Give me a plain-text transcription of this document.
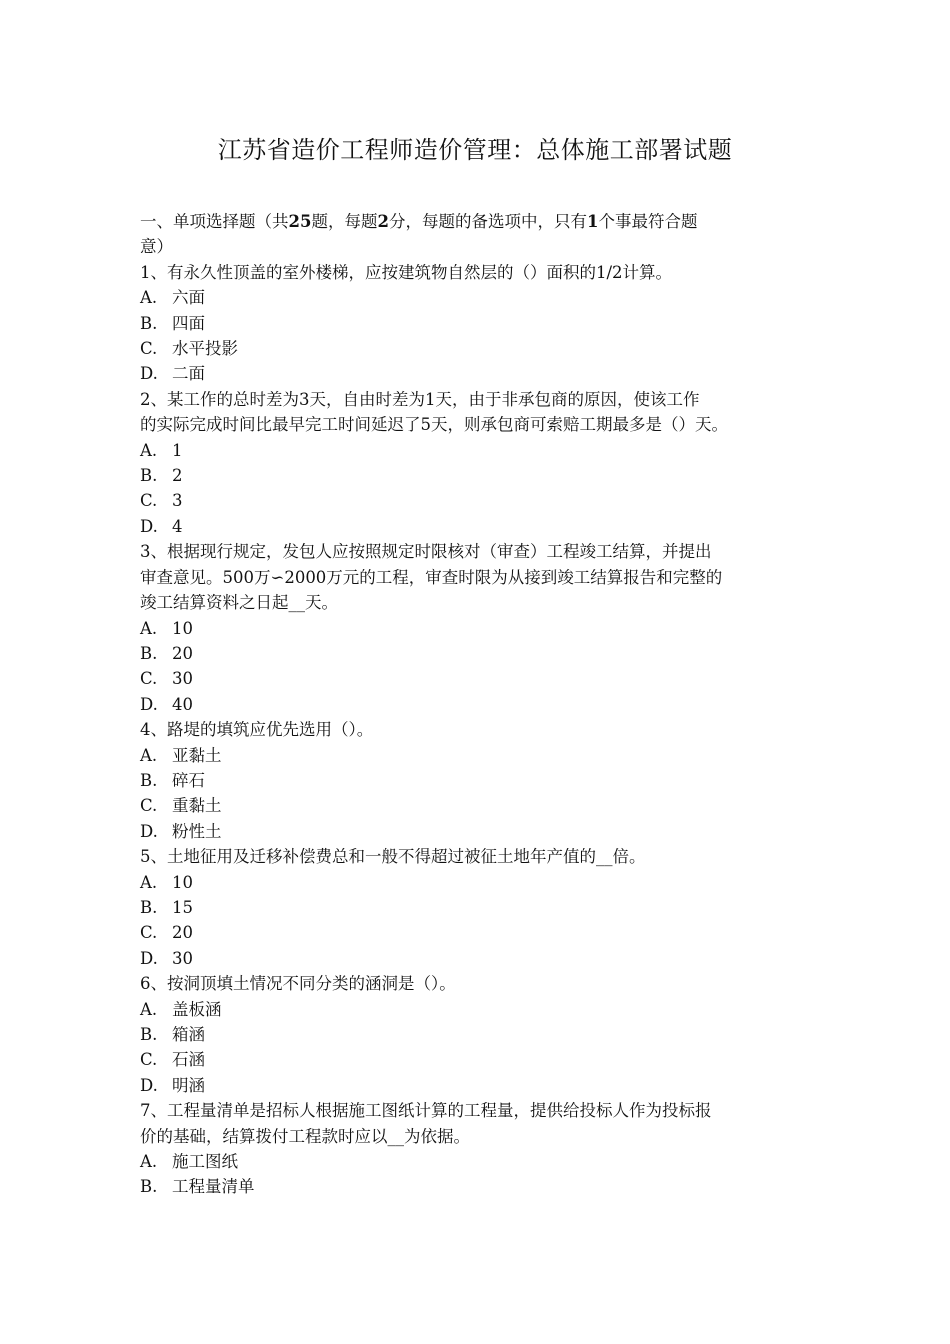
江苏省造价工程师造价管理：总体施工部署试题
一、单项选择题（共25题，每题2分，每题的备选项中，只有1个事最符合题
意）
1、有永久性顶盖的室外楼梯，应按建筑物自然层的（）面积的1/2计算。
A. 六面
B. 四面
C. 水平投影
D. 二面
2、某工作的总时差为3天，自由时差为1天，由于非承包商的原因，使该工作
的实际完成时间比最早完工时间延迟了5天，则承包商可索赔工期最多是（）天。
A. 1
B. 2
C. 3
D. 4
3、根据现行规定，发包人应按照规定时限核对（审查）工程竣工结算，并提出
审查意见。500万∽2000万元的工程，审查时限为从接到竣工结算报告和完整的
竣工结算资料之日起__天。
A. 10
B. 20
C. 30
D. 40
4、路堤的填筑应优先选用（）。
A. 亚黏土
B. 碎石
C. 重黏土
D. 粉性土
5、土地征用及迁移补偿费总和一般不得超过被征土地年产值的__倍。
A. 10
B. 15
C. 20
D. 30
6、按洞顶填土情况不同分类的涵洞是（）。
A. 盖板涵
B. 箱涵
C. 石涵
D. 明涵
7、工程量清单是招标人根据施工图纸计算的工程量，提供给投标人作为投标报
价的基础，结算拨付工程款时应以__为依据。
A. 施工图纸
B. 工程量清单
